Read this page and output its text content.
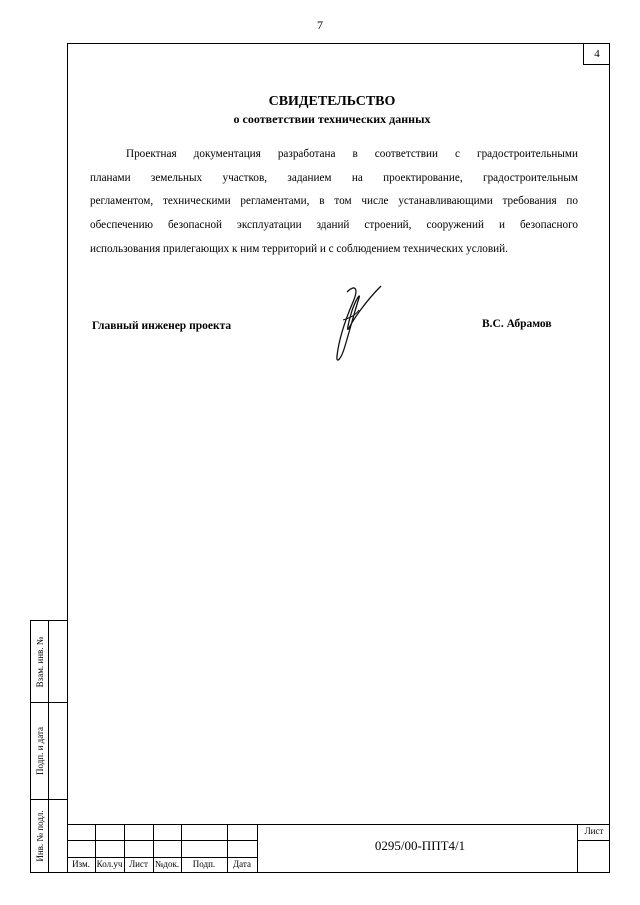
7
4
СВИДЕТЕЛЬСТВО
о соответствии технических данных
Проектная документация разработана в соответствии с градостроительными
планами земельных участков, заданием на проектирование, градостроительным
регламентом, техническими регламентами, в том числе устанавливающими требования по
обеспечению безопасной эксплуатации зданий строений, сооружений и безопасного
использования прилегающих к ним территорий и с соблюдением технических условий.
Главный инженер проекта	В.С. Абрамов
Взам. инв. №
Подп. и дата
Инв. № подл.
Изм. Кол.уч Лист №док.	Подп.	Дата
0295/00-ППТ4/1
Лист
